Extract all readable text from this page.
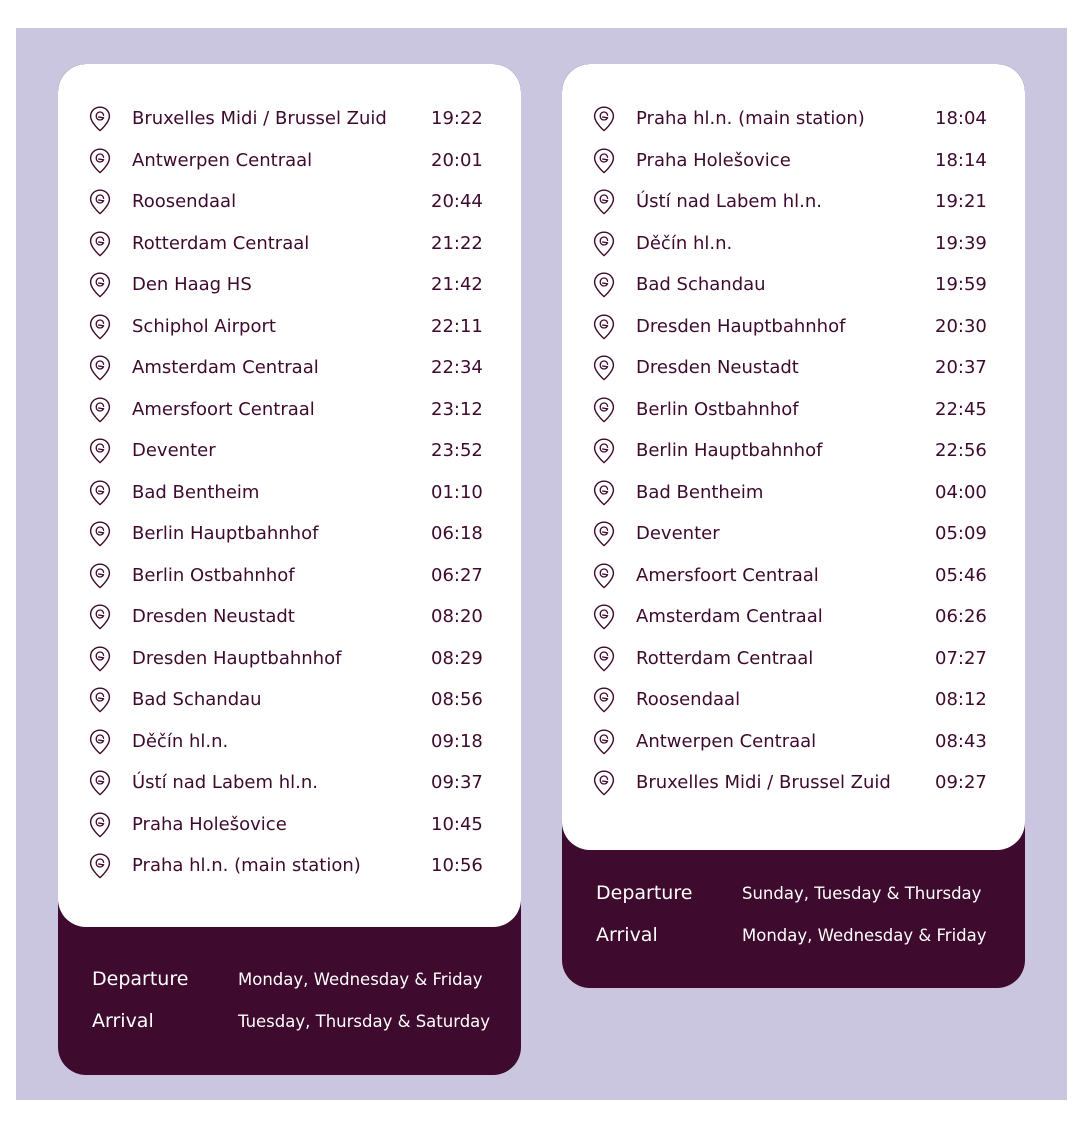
Bruxelles Midi / Brussel Zuid 19:22
Antwerpen Centraal	20:01
Roosendaal	20:44
Rotterdam Centraal	21:22
Den Haag HS	21:42
Schiphol Airport	22:11
Amsterdam Centraal	22:34
Amersfoort Centraal	23:12
Deventer	23:52
Bad Bentheim	01:10
Berlin Hauptbahnhof	06:18
Berlin Ostbahnhof	06:27
Dresden Neustadt	08:20
Dresden Hauptbahnhof	08:29
Bad Schandau	08:56
Děčín hl.n.	09:18
Ústí nad Labem hl.n.	09:37
Praha Holešovice	10:45
Praha hl.n. (main station)	10:56
Departure	Monday, Wednesday & Friday
Arrival	Tuesday, Thursday & Saturday
Praha hl.n. (main station)	18:04
Praha Holešovice	18:14
Ústí nad Labem hl.n.	19:21
Děčín hl.n.	19:39
Bad Schandau	19:59
Dresden Hauptbahnhof	20:30
Dresden Neustadt	20:37
Berlin Ostbahnhof	22:45
Berlin Hauptbahnhof	22:56
Bad Bentheim	04:00
Deventer	05:09
Amersfoort Centraal	05:46
Amsterdam Centraal	06:26
Rotterdam Centraal	07:27
Roosendaal	08:12
Antwerpen Centraal	08:43
Bruxelles Midi / Brussel Zuid 09:27
Departure	Sunday, Tuesday & Thursday
Arrival	Monday, Wednesday & Friday
